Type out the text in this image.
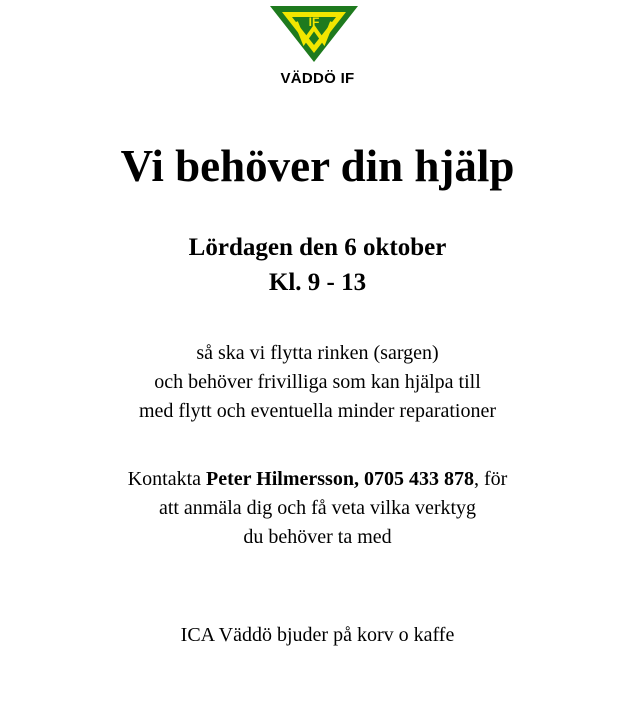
IF
VÄDDÖ IF
Vi behöver din hjälp
Lördagen den 6 oktober
Kl. 9 - 13
så ska vi flytta rinken (sargen)
och behöver frivilliga som kan hjälpa till
med flytt och eventuella minder reparationer
Kontakta Peter Hilmersson, 0705 433 878, för
att anmäla dig och få veta vilka verktyg
du behöver ta med
ICA Väddö bjuder på korv o kaffe
